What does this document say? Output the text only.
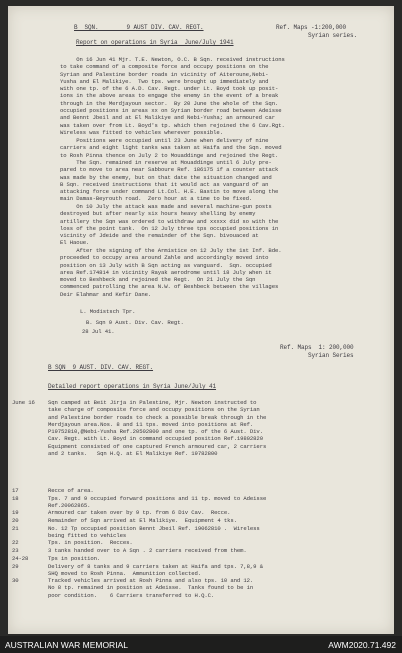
B  SQN.        9 AUST DIV. CAV. REGT.	Ref. Maps -1:200,000
Syrian series.
Report on operations in Syria  June/July 1941
On 16 Jun 41 Mjr. T.E. Newton, O.C. B Sqn. received instructions
to take command of a composite force and occupy positions on the
Syrian and Palestine border roads in vicinity of Aiteroune,Nebi-
Yusha and El Malikiye.  Two tps. were brought up immediately and
with one tp. of the 6 A.D. Cav. Regt. under Lt. Boyd took up posit-
ions in the above areas to engage the enemy in the event of a break
through in the Merdjayoun sector.  By 20 June the whole of the Sqn.
occupied positions in areas xx on Syrian border road between Adeisse
and Bennt Jbeil and at El Malikiye and Nebi-Yusha; an armoured car
was taken over from Lt. Boyd's tp. which then rejoined the 6 Cav.Rgt.
Wireless was fitted to vehicles wherever possible.
Positions were occupied until 23 June when delivery of nine
carriers and eight light tanks was taken at Haifa and the Sqn. moved
to Rosh Pinna thence on July 2 to Mouaddinge and rejoined the Regt.
The Sqn. remained in reserve at Mouaddinge until 6 July pre-
pared to move to area near Sabboure Ref. 186175 if a counter attack
was made by the enemy, but on that date the situation changed and
B Sqn. received instructions that it would act as vanguard of an
attacking force under command Lt.Col. H.E. Bastin to move along the
main Damas-Beyrouth road.  Zero hour at a time to be fixed.
On 10 July the attack was made and several machine-gun posts
destroyed but after nearly six hours heavy shelling by enemy
artillery the Sqn was ordered to withdraw and xxxxx did so with the
loss of the point tank.  On 12 July three tps occupied positions in
vicinity of Jdeide and the remainder of the Sqn. bivouaced at
El Haoue.
After the signing of the Armistice on 12 July the 1st Inf. Bde.
proceeded to occupy area around Zahle and accordingly moved into
position on 13 July with B Sqn acting as vanguard.  Sqn. occupied
area Ref.174814 in vicinity Rayak aerodrome until 18 July when it
moved to Beshbeck and rejoined the Regt.  On 21 July the Sqn
commenced patrolling the area N.W. of Beshbeck between the villages
Deir Elahmar and Kefir Dane.
L. Modistsch Tpr.
B. Sqn 9 Aust. Div. Cav. Regt.
28 Jul 41.
Ref. Maps  1: 200,000
Syrian Series
B SQN  9 AUST. DIV. CAV. REGT.
Detailed report operations in Syria June/July 41
June 16 Sqn camped at Beit Jirja in Palestine, Mjr. Newton instructed to
take charge of composite force and occupy positions on the Syrian
and Palestine border roads to check a possible break through in the
Merdjayoun area.Nos. 8 and 11 tps. moved into positions at Ref.
P19752810,@Nebi-Yusha Ref.20502800 and one tp. of the 6 Aust. Div.
Cav. Regt. with Lt. Boyd in command occupied position Ref.19802820
Equipment consisted of one captured French armoured car, 2 carriers
and 2 tanks.   Sqn H.Q. at El Malikiye Ref. 19782800
17	Recce of area.
18	Tps. 7 and 9 occupied forward positions and 11 tp. moved to Adeisse
Ref.20062865.
19	Armoured car taken over by 9 tp. from 6 Div Cav.  Recce.
20	Remainder of Sqn arrived at El Malikiye.  Equipment 4 tks.
21	No. 12 Tp occupied position Bennt Jbeil Ref. 19062810 .  Wireless
being fitted to vehicles
22	Tps. in position.  Recces.
23	3 tanks handed over to A Sqn . 2 carriers received from them.
24-28	Tps in position.
29	Delivery of 8 tanks and 9 carriers taken at Haifa and tps. 7,8,9 &
SHQ moved to Rosh Pinna.  Ammunition collected.
30	Tracked vehicles arrived at Rosh Pinna and also tps. 10 and 12.
No 8 tp. remained in position at Adeisse.  Tanks found to be in
poor condition.    6 Carriers transferred to H.Q.C.
AUSTRALIAN WAR MEMORIAL	AWM2020.71.492
